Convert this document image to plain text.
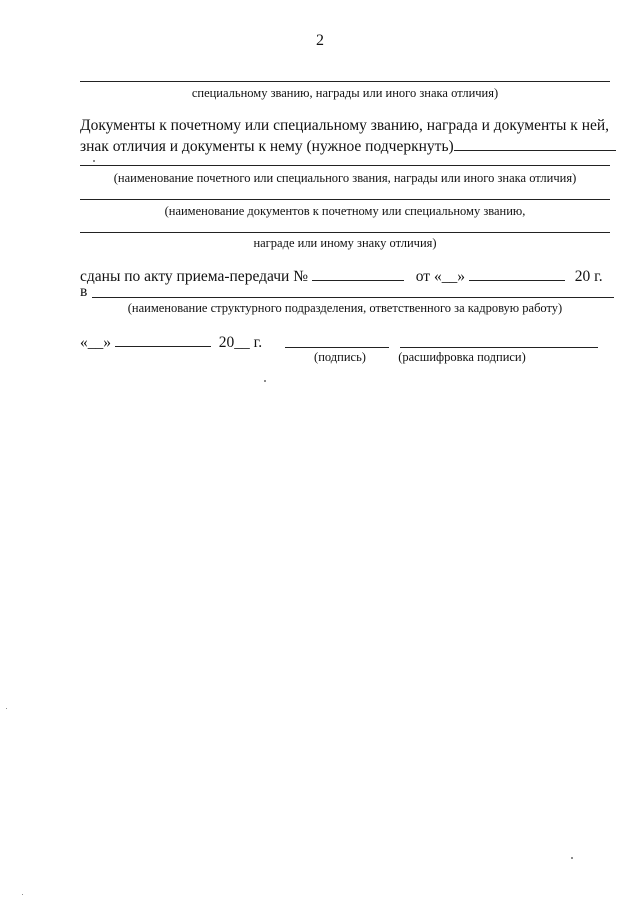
2
специальному званию, награды или иного знака отличия)
Документы к почетному или специальному званию, награда и документы к ней,
знак отличия и документы к нему (нужное подчеркнуть)
(наименование почетного или специального звания, награды или иного знака отличия)
(наименование документов к почетному или специальному званию,
награде или иному знаку отличия)
сданы по акту приема-передачи №	от «__»	20 г.
в
(наименование структурного подразделения, ответственного за кадровую работу)
«__»	20__ г.
(подпись)	(расшифровка подписи)
